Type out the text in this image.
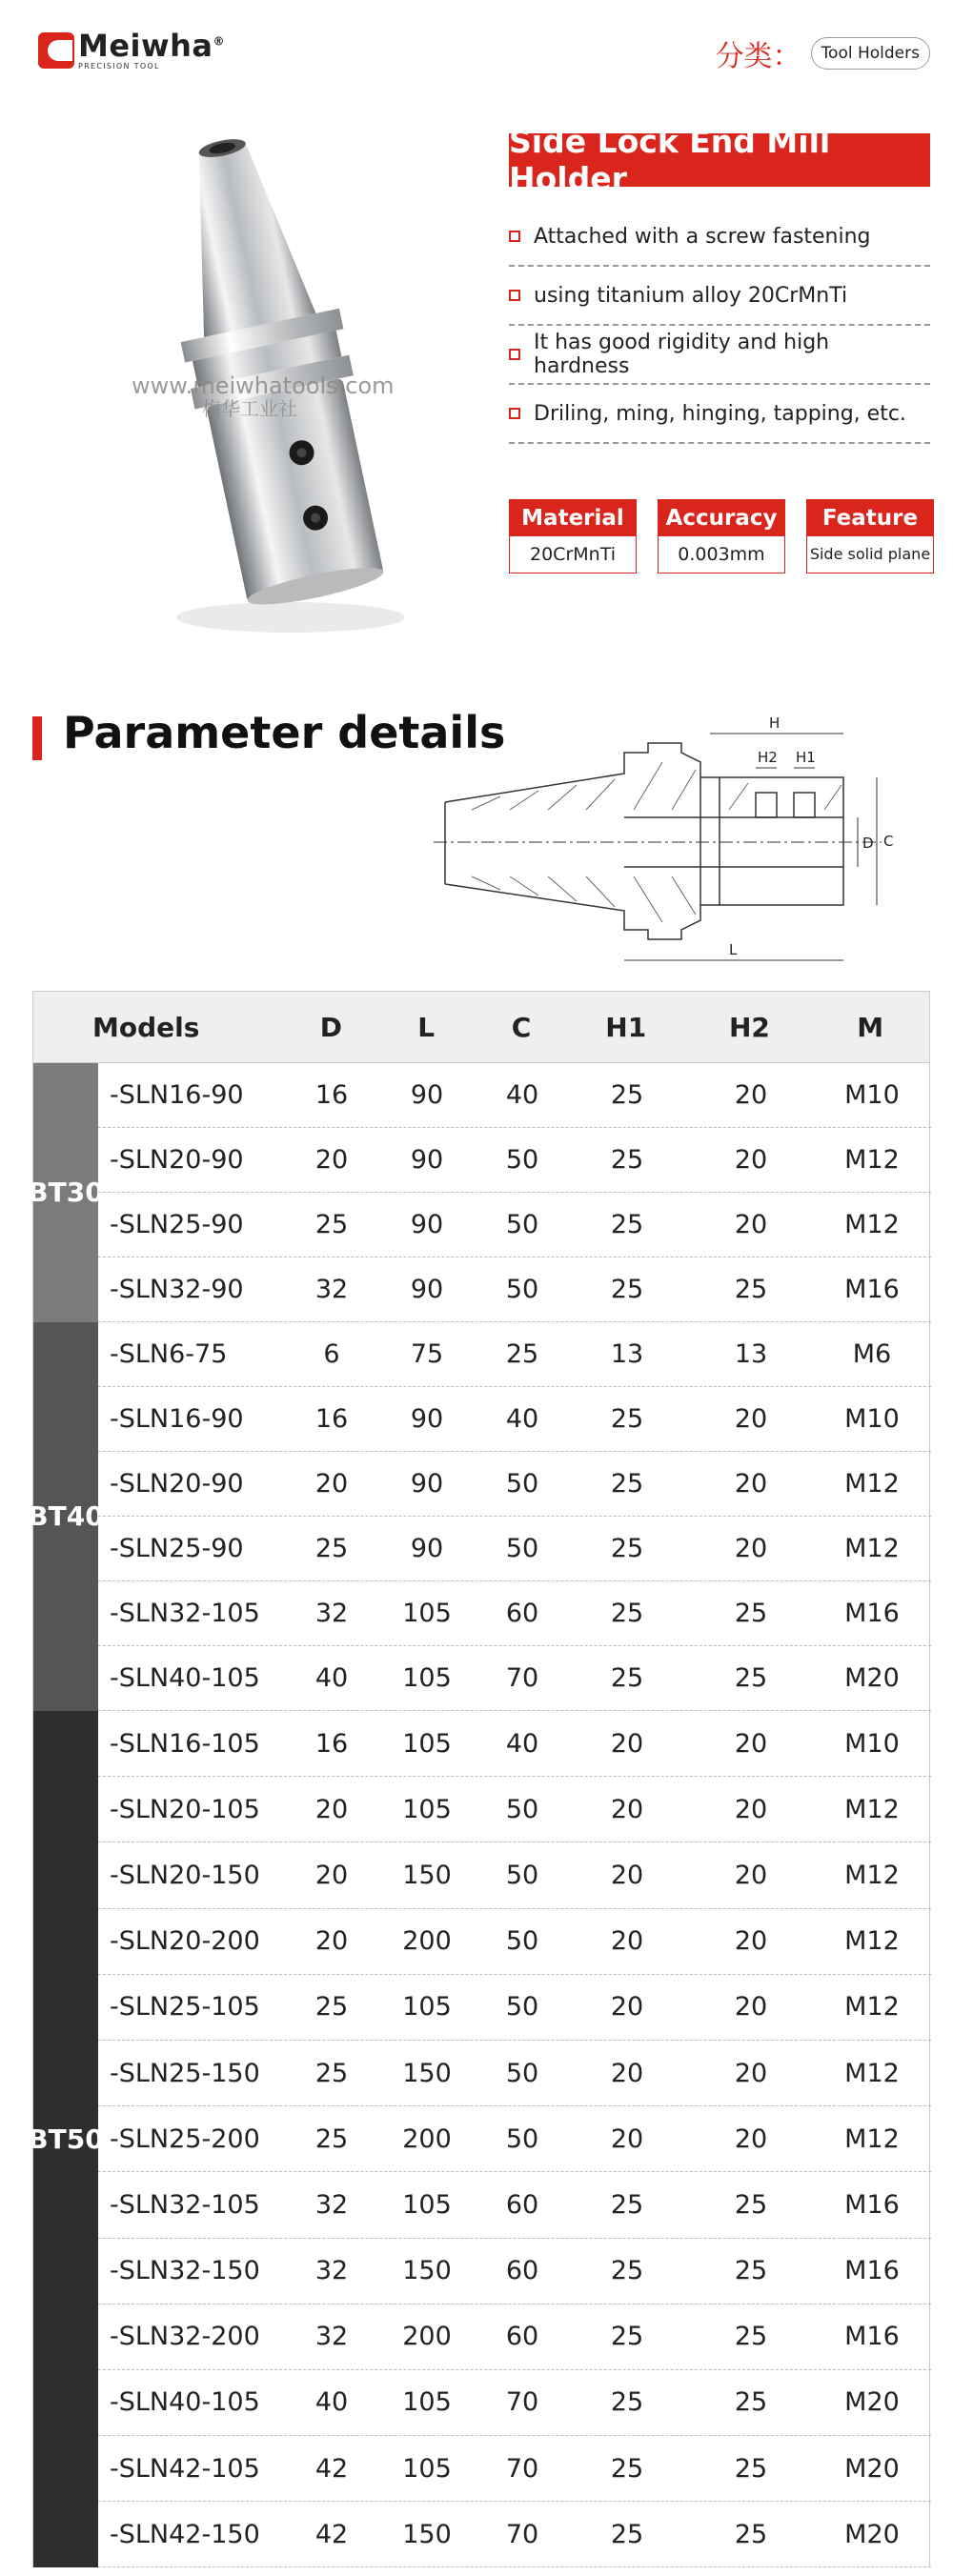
Meiwha®
PRECISION TOOL	分类：	Tool Holders
www.meiwhatools.com
梅华工业社
Side Lock End Mill Holder
Attached with a screw fastening
using titanium alloy 20CrMnTi
It has good rigidity and high hardness
Driling, ming, hinging, tapping, etc.
Material
20CrMnTi
Accuracy
0.003mm
Feature
Side solid plane
Parameter details	H
H2 H1
C
D
L
Models	D	L	C	H1	H2	M
BT 30
-SLN16-90	16	90	40	25	20	M10
-SLN20-90	20	90	50	25	20	M12
-SLN25-90	25	90	50	25	20	M12
-SLN32-90	32	90	50	25	25	M16
BT 40
-SLN6-75	6	75	25	13	13	M6
-SLN16-90	16	90	40	25	20	M10
-SLN20-90	20	90	50	25	20	M12
-SLN25-90	25	90	50	25	20	M12
-SLN32-105	32	105	60	25	25	M16
-SLN40-105	40	105	70	25	25	M20
BT 50
-SLN16-105	16	105	40	20	20	M10
-SLN20-105	20	105	50	20	20	M12
-SLN20-150	20	150	50	20	20	M12
-SLN20-200	20	200	50	20	20	M12
-SLN25-105	25	105	50	20	20	M12
-SLN25-150	25	150	50	20	20	M12
-SLN25-200	25	200	50	20	20	M12
-SLN32-105	32	105	60	25	25	M16
-SLN32-150	32	150	60	25	25	M16
-SLN32-200	32	200	60	25	25	M16
-SLN40-105	40	105	70	25	25	M20
-SLN42-105	42	105	70	25	25	M20
-SLN42-150	42	150	70	25	25	M20
